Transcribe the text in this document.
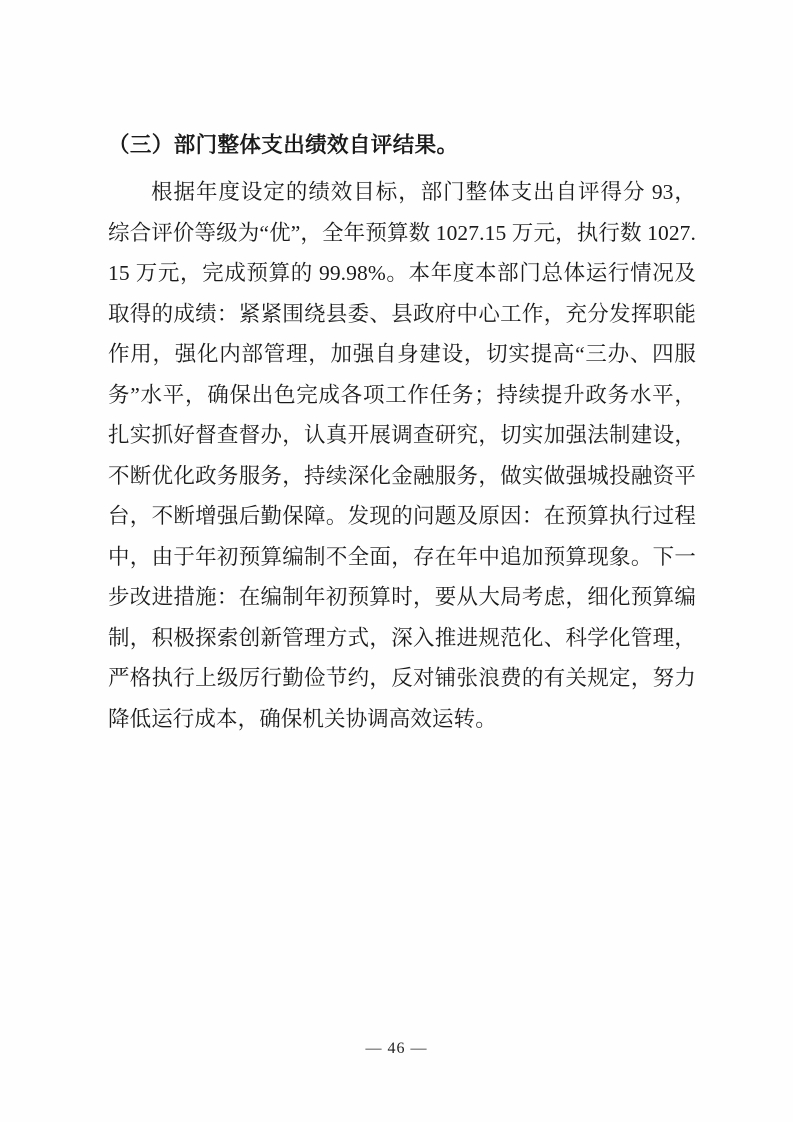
（三）部门整体支出绩效自评结果。

根据年度设定的绩效目标，部门整体支出自评得分 93，综合评价等级为“优”，全年预算数 1027.15 万元，执行数 1027.15 万元，完成预算的 99.98%。本年度本部门总体运行情况及取得的成绩：紧紧围绕县委、县政府中心工作，充分发挥职能作用，强化内部管理，加强自身建设，切实提高“三办、四服务”水平，确保出色完成各项工作任务；持续提升政务水平，扎实抓好督查督办，认真开展调查研究，切实加强法制建设，不断优化政务服务，持续深化金融服务，做实做强城投融资平台，不断增强后勤保障。发现的问题及原因：在预算执行过程中，由于年初预算编制不全面，存在年中追加预算现象。下一步改进措施：在编制年初预算时，要从大局考虑，细化预算编制，积极探索创新管理方式，深入推进规范化、科学化管理，严格执行上级厉行勤俭节约，反对铺张浪费的有关规定，努力降低运行成本，确保机关协调高效运转。

— 46 —
